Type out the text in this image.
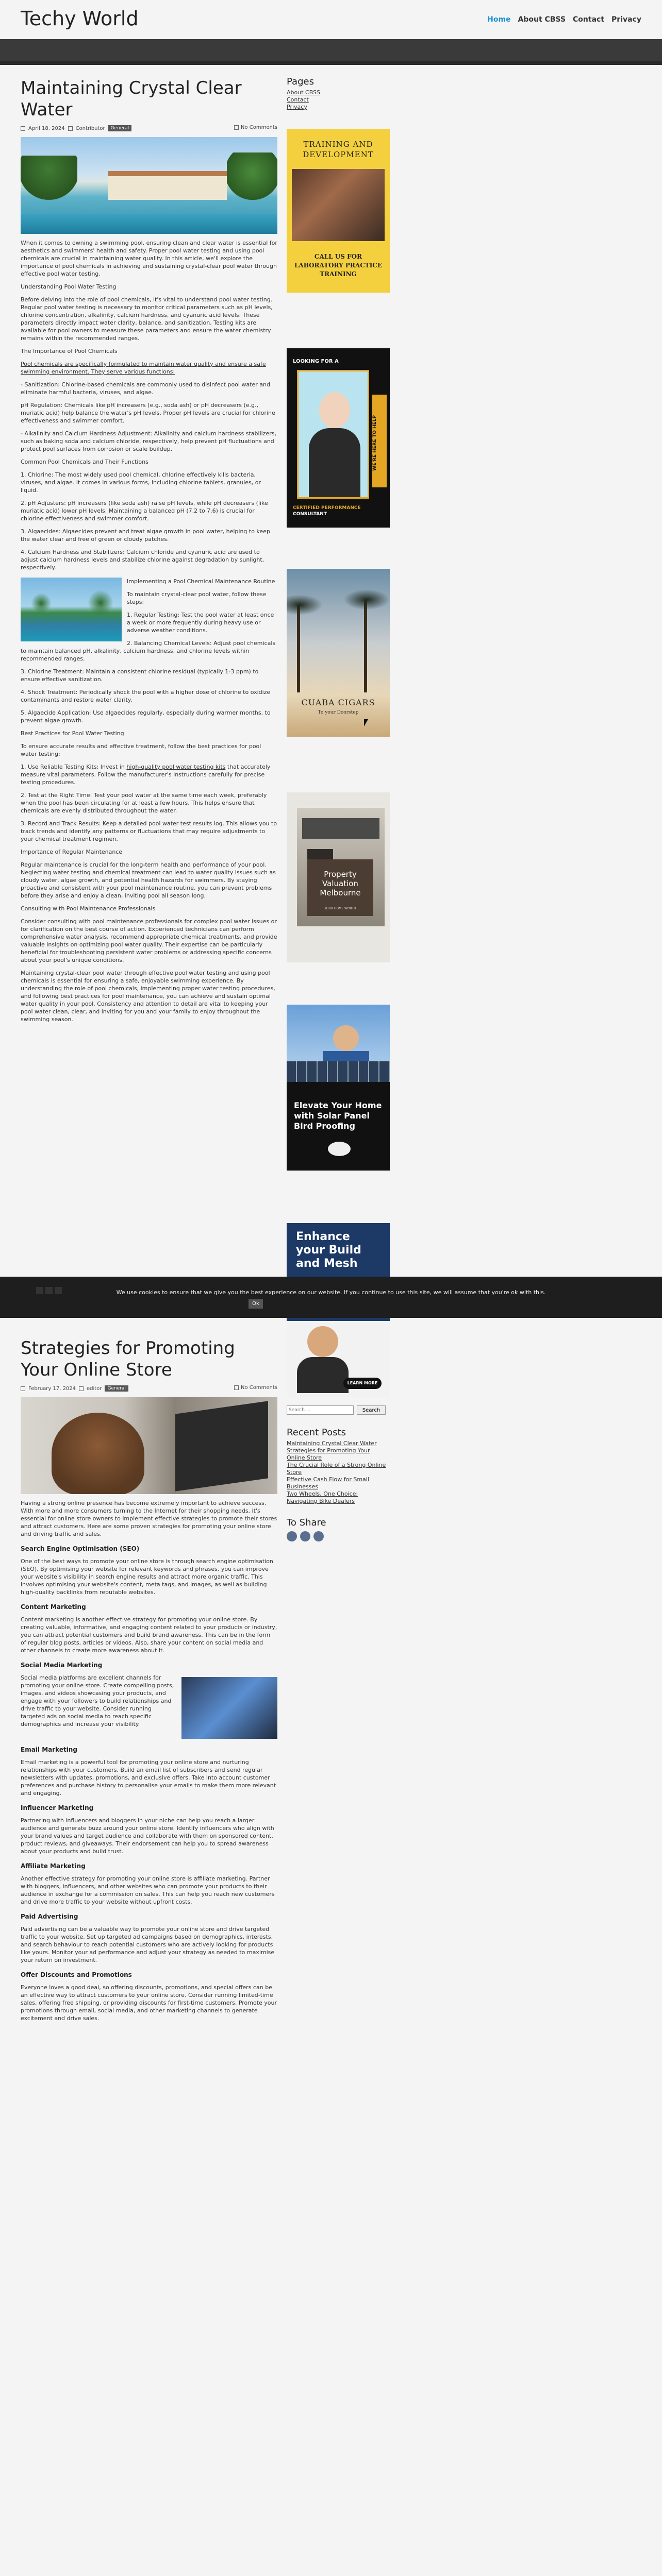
Techy World	Home About CBSS Contact Privacy
Maintaining Crystal Clear Water
April 18, 2024 Contributor	General	No Comments
When it comes to owning a swimming pool, ensuring clean and clear water is essential for aesthetics and swimmers' health and safety. Proper pool water testing and using pool chemicals are crucial in maintaining water quality. In this article, we'll explore the importance of pool chemicals in achieving and sustaining crystal-clear pool water through effective pool water testing.
Understanding Pool Water Testing
Before delving into the role of pool chemicals, it's vital to understand pool water testing. Regular pool water testing is necessary to monitor critical parameters such as pH levels, chlorine concentration, alkalinity, calcium hardness, and cyanuric acid levels. These parameters directly impact water clarity, balance, and sanitization. Testing kits are available for pool owners to measure these parameters and ensure the water chemistry remains within the recommended ranges.
The Importance of Pool Chemicals
Pool chemicals are specifically formulated to maintain water quality and ensure a safe swimming environment. They serve various functions:
- Sanitization: Chlorine-based chemicals are commonly used to disinfect pool water and eliminate harmful bacteria, viruses, and algae.
pH Regulation: Chemicals like pH increasers (e.g., soda ash) or pH decreasers (e.g., muriatic acid) help balance the water's pH levels. Proper pH levels are crucial for chlorine effectiveness and swimmer comfort.
- Alkalinity and Calcium Hardness Adjustment: Alkalinity and calcium hardness stabilizers, such as baking soda and calcium chloride, respectively, help prevent pH fluctuations and protect pool surfaces from corrosion or scale buildup.
Common Pool Chemicals and Their Functions
1. Chlorine: The most widely used pool chemical, chlorine effectively kills bacteria, viruses, and algae. It comes in various forms, including chlorine tablets, granules, or liquid.
2. pH Adjusters: pH increasers (like soda ash) raise pH levels, while pH decreasers (like muriatic acid) lower pH levels. Maintaining a balanced pH (7.2 to 7.6) is crucial for chlorine effectiveness and swimmer comfort.
3. Algaecides: Algaecides prevent and treat algae growth in pool water, helping to keep the water clear and free of green or cloudy patches.
4. Calcium Hardness and Stabilizers: Calcium chloride and cyanuric acid are used to adjust calcium hardness levels and stabilize chlorine against degradation by sunlight, respectively.
Implementing a Pool Chemical Maintenance Routine
To maintain crystal-clear pool water, follow these steps:
1. Regular Testing: Test the pool water at least once a week or more frequently during heavy use or adverse weather conditions.
2. Balancing Chemical Levels: Adjust pool chemicals to maintain balanced pH, alkalinity, calcium hardness, and chlorine levels within recommended ranges.
3. Chlorine Treatment: Maintain a consistent chlorine residual (typically 1-3 ppm) to ensure effective sanitization.
4. Shock Treatment: Periodically shock the pool with a higher dose of chlorine to oxidize contaminants and restore water clarity.
5. Algaecide Application: Use algaecides regularly, especially during warmer months, to prevent algae growth.
Best Practices for Pool Water Testing
To ensure accurate results and effective treatment, follow the best practices for pool water testing:
1. Use Reliable Testing Kits: Invest in high-quality pool water testing kits that accurately measure vital parameters. Follow the manufacturer's instructions carefully for precise testing procedures.
2. Test at the Right Time: Test your pool water at the same time each week, preferably when the pool has been circulating for at least a few hours. This helps ensure that chemicals are evenly distributed throughout the water.
3. Record and Track Results: Keep a detailed pool water test results log. This allows you to track trends and identify any patterns or fluctuations that may require adjustments to your chemical treatment regimen.
Importance of Regular Maintenance
Regular maintenance is crucial for the long-term health and performance of your pool. Neglecting water testing and chemical treatment can lead to water quality issues such as cloudy water, algae growth, and potential health hazards for swimmers. By staying proactive and consistent with your pool maintenance routine, you can prevent problems before they arise and enjoy a clean, inviting pool all season long.
Consulting with Pool Maintenance Professionals
Consider consulting with pool maintenance professionals for complex pool water issues or for clarification on the best course of action. Experienced technicians can perform comprehensive water analysis, recommend appropriate chemical treatments, and provide valuable insights on optimizing pool water quality. Their expertise can be particularly beneficial for troubleshooting persistent water problems or addressing specific concerns about your pool's unique conditions.
Maintaining crystal-clear pool water through effective pool water testing and using pool chemicals is essential for ensuring a safe, enjoyable swimming experience. By understanding the role of pool chemicals, implementing proper water testing procedures, and following best practices for pool maintenance, you can achieve and sustain optimal water quality in your pool. Consistency and attention to detail are vital to keeping your pool water clean, clear, and inviting for you and your family to enjoy throughout the swimming season.
Pages
About CBSS
Contact
Privacy
TRAINING AND
DEVELOPMENT
CALL US FOR
LABORATORY PRACTICE
TRAINING
LOOKING FOR A
WE'RE HERE TO HELP
CERTIFIED PERFORMANCE
CONSULTANT
CUABA CIGARS
To your Doorstep
Property
Valuation
Melbourne
YOUR HOME WORTH
Elevate Your Home with Solar Panel Bird Proofing
Enhance
your Build
and Mesh
LEARN MORE
We use cookies to ensure that we give you the best experience on our website. If you continue to use this site, we will assume that you're ok with this.
Ok
Strategies for Promoting Your Online Store
February 17, 2024 editor	General	No Comments
Having a strong online presence has become extremely important to achieve success. With more and more consumers turning to the Internet for their shopping needs, it's essential for online store owners to implement effective strategies to promote their stores and attract customers. Here are some proven strategies for promoting your online store and driving traffic and sales.
Search Engine Optimisation (SEO)
One of the best ways to promote your online store is through search engine optimisation (SEO). By optimising your website for relevant keywords and phrases, you can improve your website's visibility in search engine results and attract more organic traffic. This involves optimising your website's content, meta tags, and images, as well as building high-quality backlinks from reputable websites.
Content Marketing
Content marketing is another effective strategy for promoting your online store. By creating valuable, informative, and engaging content related to your products or industry, you can attract potential customers and build brand awareness. This can be in the form of regular blog posts, articles or videos. Also, share your content on social media and other channels to create more awareness about it.
Social Media Marketing
Social media platforms are excellent channels for promoting your online store. Create compelling posts, images, and videos showcasing your products, and engage with your followers to build relationships and drive traffic to your website. Consider running targeted ads on social media to reach specific demographics and increase your visibility.
Email Marketing
Email marketing is a powerful tool for promoting your online store and nurturing relationships with your customers. Build an email list of subscribers and send regular newsletters with updates, promotions, and exclusive offers. Take into account customer preferences and purchase history to personalise your emails to make them more relevant and engaging.
Influencer Marketing
Partnering with influencers and bloggers in your niche can help you reach a larger audience and generate buzz around your online store. Identify influencers who align with your brand values and target audience and collaborate with them on sponsored content, product reviews, and giveaways. Their endorsement can help you to spread awareness about your products and build trust.
Affiliate Marketing
Another effective strategy for promoting your online store is affiliate marketing. Partner with bloggers, influencers, and other websites who can promote your products to their audience in exchange for a commission on sales. This can help you reach new customers and drive more traffic to your website without upfront costs.
Paid Advertising
Paid advertising can be a valuable way to promote your online store and drive targeted traffic to your website. Set up targeted ad campaigns based on demographics, interests, and search behaviour to reach potential customers who are actively looking for products like yours. Monitor your ad performance and adjust your strategy as needed to maximise your return on investment.
Offer Discounts and Promotions
Everyone loves a good deal, so offering discounts, promotions, and special offers can be an effective way to attract customers to your online store. Consider running limited-time sales, offering free shipping, or providing discounts for first-time customers. Promote your promotions through email, social media, and other marketing channels to generate excitement and drive sales.
Search ...
Search
Recent Posts
Maintaining Crystal Clear Water
Strategies for Promoting Your Online Store
The Crucial Role of a Strong Online Store
Effective Cash Flow for Small Businesses
Two Wheels, One Choice: Navigating Bike Dealers
To Share
